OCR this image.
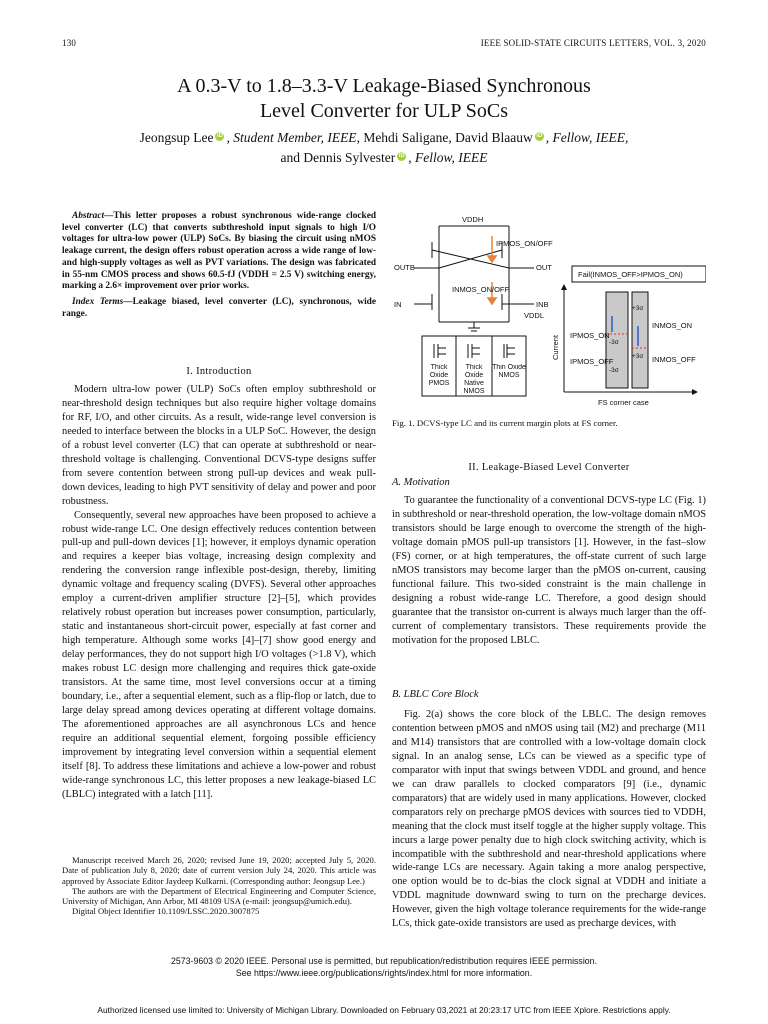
130	IEEE SOLID-STATE CIRCUITS LETTERS, VOL. 3, 2020
A 0.3-V to 1.8–3.3-V Leakage-Biased Synchronous
Level Converter for ULP SoCs
Jeongsup Lee iD , Student Member, IEEE, Mehdi Saligane, David Blaauw iD , Fellow, IEEE,
and Dennis Sylvester iD , Fellow, IEEE

Abstract—This letter proposes a robust synchronous wide-range clocked level converter (LC) that converts subthreshold input signals to high I/O voltages for ultra-low power (ULP) SoCs. By biasing the circuit using nMOS leakage current, the design offers robust operation across a wide range of low- and high-supply voltages as well as PVT variations. The design was fabricated in 55-nm CMOS process and shows 60.5-fJ (VDDH = 2.5 V) switching energy, marking a 2.6× improvement over prior works.

Index Terms—Leakage biased, level converter (LC), synchronous, wide range.

I. Introduction

Modern ultra-low power (ULP) SoCs often employ subthreshold or near-threshold design techniques but also require higher voltage domains for RF, I/O, and other circuits. As a result, wide-range level conversion is needed to interface between the blocks in a ULP SoC. However, the design of a robust level converter (LC) that can operate at subthreshold or near-threshold voltage is challenging. Conventional DCVS-type designs suffer from severe contention between strong pull-up devices and weak pull-down devices, leading to high PVT sensitivity of delay and power and poor robustness.

Consequently, several new approaches have been proposed to achieve a robust wide-range LC. One design effectively reduces contention between pull-up and pull-down devices [1]; however, it employs dynamic operation and requires a keeper bias voltage, increasing design complexity and rendering the conversion range inflexible post-design, thereby, limiting dynamic voltage and frequency scaling (DVFS). Several other approaches employ a current-driven amplifier structure [2]–[5], which provides relatively robust operation but increases power consumption, particularly, static and instantaneous short-circuit power, especially at fast corner and high temperature. Although some works [4]–[7] show good energy and delay performances, they do not support high I/O voltages (>1.8 V), which makes robust LC design more challenging and requires thick gate-oxide transistors. At the same time, most level conversions occur at a timing boundary, i.e., after a sequential element, such as a flip-flop or latch, due to large delay spread among devices operating at different voltage domains. The aforementioned approaches are all asynchronous LCs and hence require an additional sequential element, forgoing possible efficiency improvement by integrating level conversion within a sequential element itself [8]. To address these limitations and achieve a low-power and robust wide-range synchronous LC, this letter proposes a new leakage-biased LC (LBLC) integrated with a latch [11].

Manuscript received March 26, 2020; revised June 19, 2020; accepted July 5, 2020. Date of publication July 8, 2020; date of current version July 24, 2020. This article was approved by Associate Editor Jaydeep Kulkarni. (Corresponding author: Jeongsup Lee.)

The authors are with the Department of Electrical Engineering and Computer Science, University of Michigan, Ann Arbor, MI 48109 USA (e-mail: jeongsup@umich.edu).

Digital Object Identifier 10.1109/LSSC.2020.3007875

VDDH
IPMOS_ON/OFF
INMOS_ON/OFF
OUTB	OUT
IN	INB
VDDL
Thick Oxide PMOS
Thick Oxide Native NMOS
Thin Oxide NMOS
Fail(INMOS_OFF>IPMOS_ON)
Current
FS corner case
+3σ
-3σ
+3σ
-3σ
IPMOS_ON
IPMOS_OFF
INMOS_ON
INMOS_OFF
Fig. 1. DCVS-type LC and its current margin plots at FS corner.
II. Leakage-Biased Level Converter
A. Motivation

To guarantee the functionality of a conventional DCVS-type LC (Fig. 1) in subthreshold or near-threshold operation, the low-voltage domain nMOS transistors should be large enough to overcome the strength of the high-voltage domain pMOS pull-up transistors [1]. However, in the fast–slow (FS) corner, or at high temperatures, the off-state current of such large nMOS transistors may become larger than the pMOS on-current, causing functional failure. This two-sided constraint is the main challenge in designing a robust wide-range LC. Therefore, a good design should guarantee that the transistor on-current is always much larger than the off-current of complementary transistors. These requirements provide the motivation for the proposed LBLC.

B. LBLC Core Block

Fig. 2(a) shows the core block of the LBLC. The design removes contention between pMOS and nMOS using tail (M2) and precharge (M11 and M14) transistors that are controlled with a low-voltage domain clock signal. In an analog sense, LCs can be viewed as a specific type of comparator with input that swings between VDDL and ground, and hence we can draw parallels to clocked comparators [9] (i.e., dynamic comparators) that are widely used in many applications. However, clocked comparators rely on precharge pMOS devices with sources tied to VDDH, meaning that the clock must itself toggle at the higher supply voltage. This incurs a large power penalty due to high clock switching activity, which is incompatible with the subthreshold and near-threshold applications where wide-range LCs are necessary. Again taking a more analog perspective, one option would be to dc-bias the clock signal at VDDH and initiate a VDDL magnitude downward swing to turn on the precharge devices. However, given the high voltage tolerance requirements for the wide-range LCs, thick gate-oxide transistors are used as precharge devices, with

2573-9603 © 2020 IEEE. Personal use is permitted, but republication/redistribution requires IEEE permission.
See https://www.ieee.org/publications/rights/index.html for more information.
Authorized licensed use limited to: University of Michigan Library. Downloaded on February 03,2021 at 20:23:17 UTC from IEEE Xplore. Restrictions apply.
